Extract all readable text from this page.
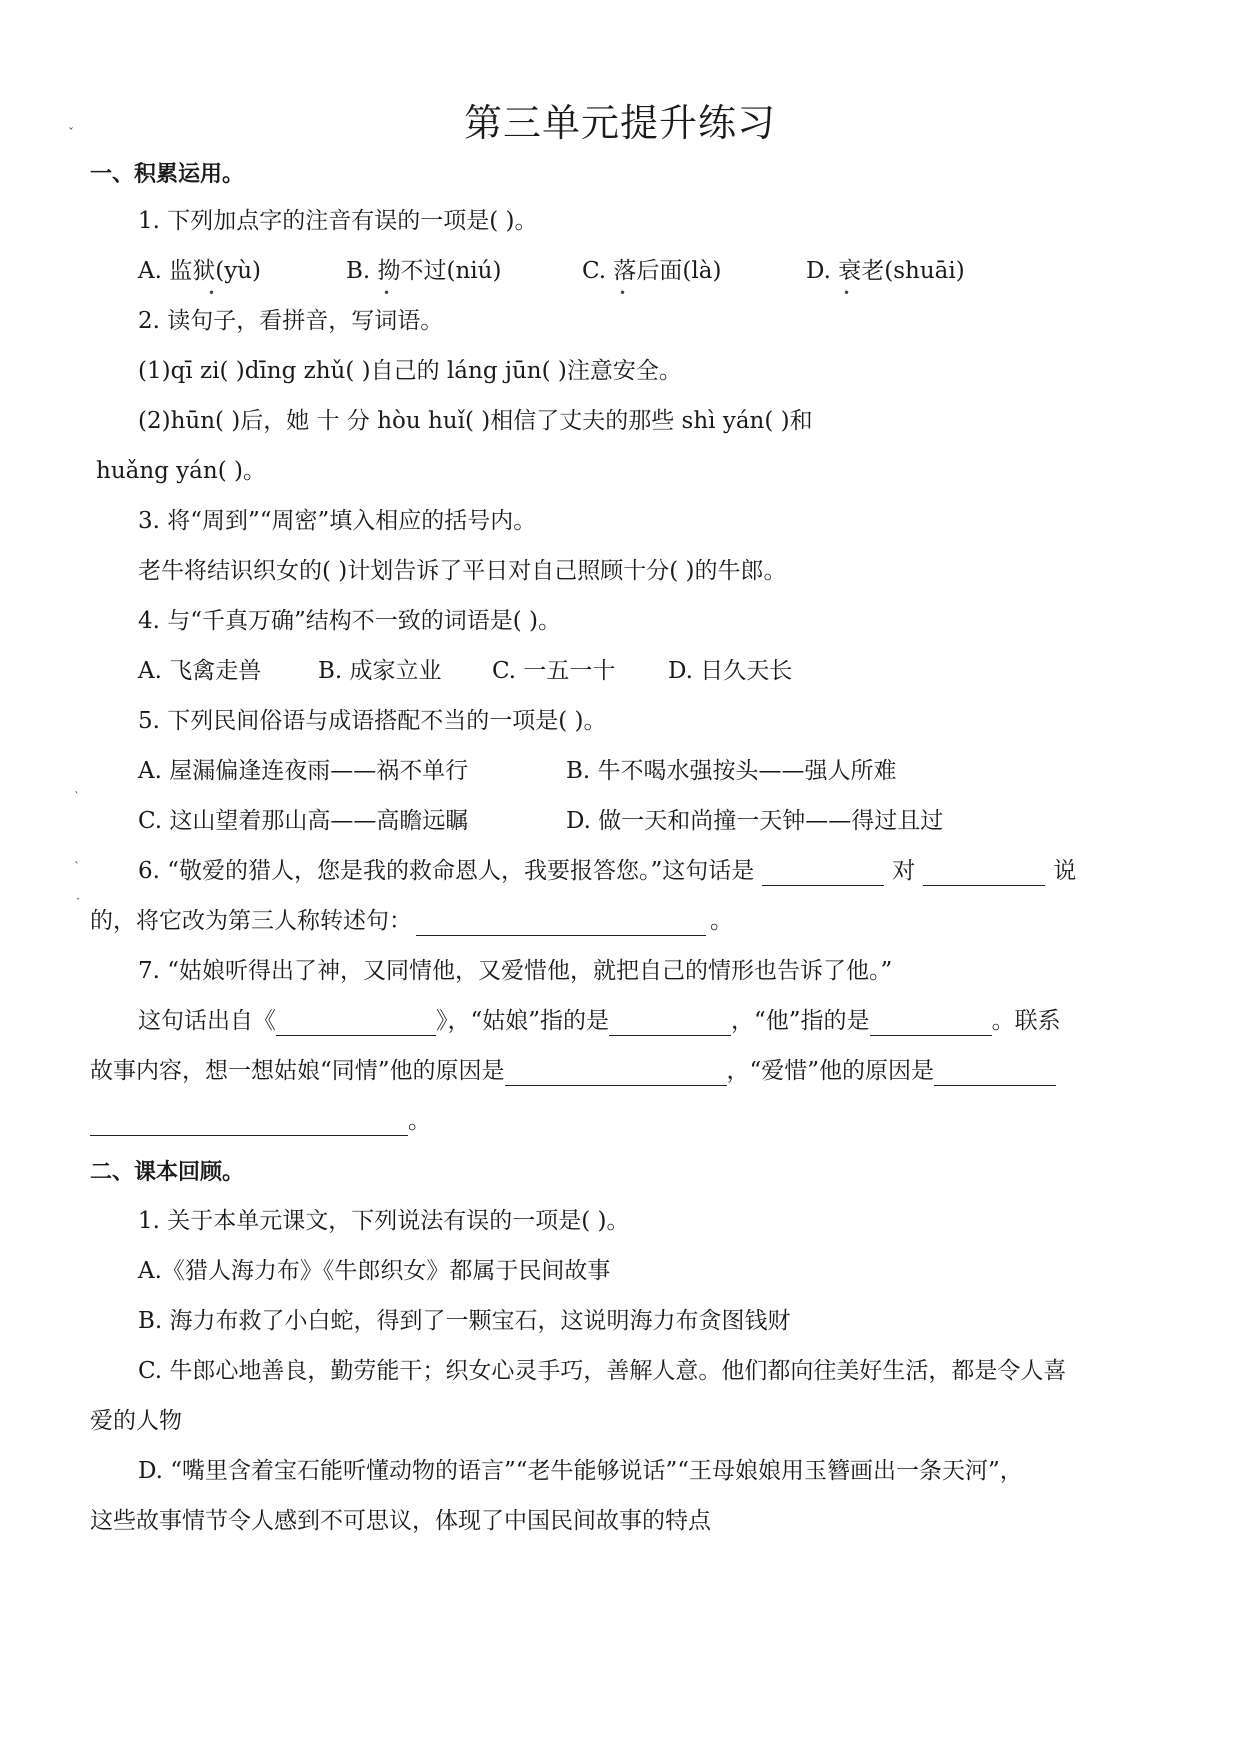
第三单元提升练习
ˇ
一、积累运用。
1. 下列加点字的注音有误的一项是( )。
A. 监狱(yù)	B. 拗不过(niú)	C. 落后面(là)	D. 衰老(shuāi)
•	•	•	•
2. 读句子，看拼音，写词语。
(1)qī zi( )dīng zhǔ( )自己的 láng jūn( )注意安全。
(2)hūn( )后，她 十 分 hòu huǐ( )相信了丈夫的那些 shì yán( )和
huǎng yán( )。
3. 将“周到”“周密”填入相应的括号内。
老牛将结识织女的( )计划告诉了平日对自己照顾十分( )的牛郎。
4. 与“千真万确”结构不一致的词语是( )。
A. 飞禽走兽 B. 成家立业 C. 一五一十 D. 日久天长
5. 下列民间俗语与成语搭配不当的一项是( )。
A. 屋漏偏逢连夜雨——祸不单行	B. 牛不喝水强按头——强人所难
C. 这山望着那山高——高瞻远瞩	D. 做一天和尚撞一天钟——得过且过
ˋ
ˋ
·
6. “敬爱的猎人，您是我的救命恩人，我要报答您。”这句话是	对	说
的，将它改为第三人称转述句：	。
7. “姑娘听得出了神，又同情他，又爱惜他，就把自己的情形也告诉了他。”
这句话出自《	》，“姑娘”指的是	，“他”指的是	。联系
故事内容，想一想姑娘“同情”他的原因是	，“爱惜”他的原因是
。
二、课本回顾。
1. 关于本单元课文，下列说法有误的一项是( )。
A.《猎人海力布》《牛郎织女》都属于民间故事
B. 海力布救了小白蛇，得到了一颗宝石，这说明海力布贪图钱财
C. 牛郎心地善良，勤劳能干；织女心灵手巧，善解人意。他们都向往美好生活，都是令人喜
爱的人物
D. “嘴里含着宝石能听懂动物的语言”“老牛能够说话”“王母娘娘用玉簪画出一条天河”，
这些故事情节令人感到不可思议，体现了中国民间故事的特点
